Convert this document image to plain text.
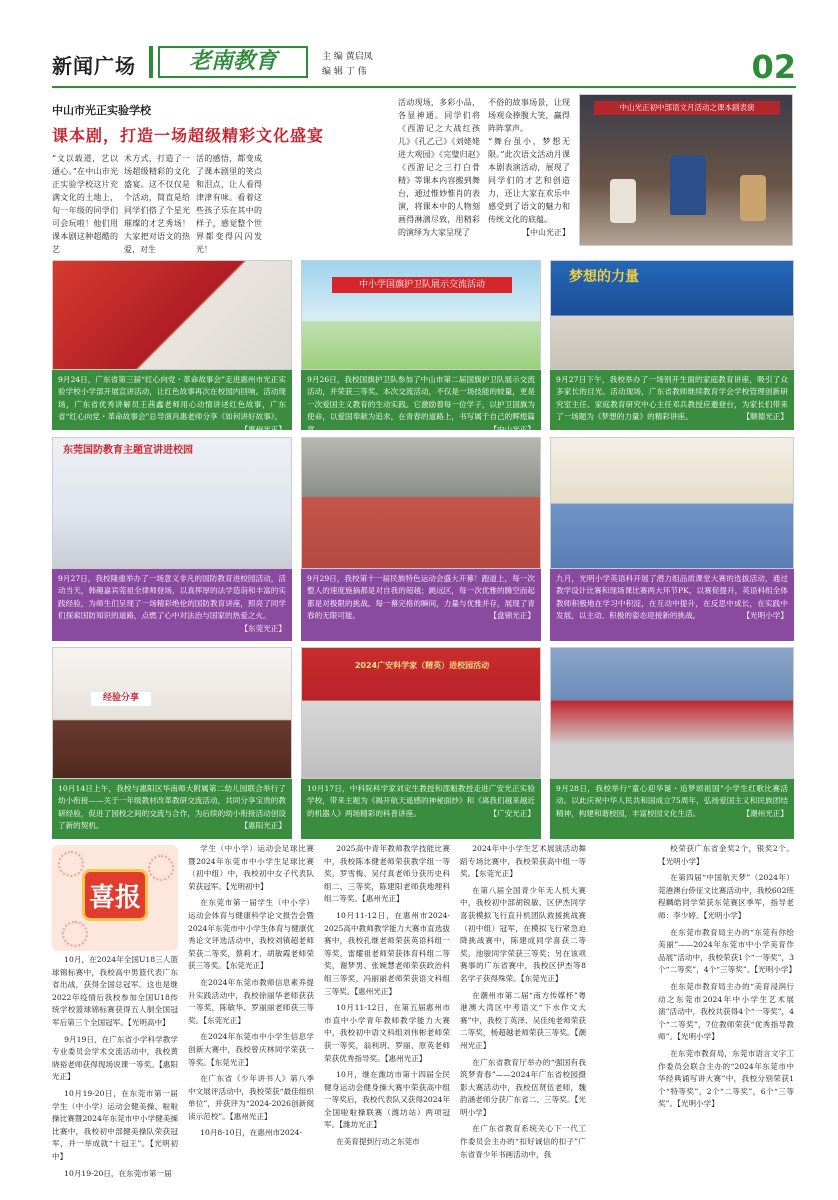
新闻广场	老南教育	主 编 黄启凤
编 辑 丁 伟	02
中山市光正实验学校
课本剧，打造一场超级精彩文化盛宴
“文以载道，艺以通心。”在中山市光正实验学校这片充满文化的土地上，旬一年级的同学们可会玩啦！他们用课本剧这种超酷的艺
术方式，打造了一场超级精彩的文化盛宴。这不仅仅是个活动，简直是给同学们搭了个星光璀璨的才艺秀场！大家把对语文的热爱，对生
活的感悟，都变成了课本剧里的笑点和泪点，让人看得津津有味。看着这些孩子乐在其中的样子，感觉整个世界都变得闪闪发光！
活动现场，多彩小品，各显神通。同学们将《西游记之大战红孩儿》《孔乙己》《刘姥姥进大观园》《完璧归赵》《西游记之三打白骨精》等课本内容搬到舞台，通过惟妙惟肖的表演，将课本中的人物刻画得淋漓尽致，用精彩的演绎为大家呈现了
不俗的故事场景，让现场观众捧腹大笑，赢得阵阵掌声。
“舞台虽小，梦想无限。”此次语文活动月课本剧表演活动，展现了同学们的才艺和创造力，还让大家在欢乐中感受到了语文的魅力和传统文化的底蕴。
【中山光正】
中山光正初中部语文月活动之课本剧表演
9月24日，广东省第三届“红心向党・革命故事会”走进惠州市光正实验学校小学部开展宣讲活动，让红色故事再次在校园内回响。活动现场，广东省优秀讲解员王茜鑫老师用心动情讲述红色故事，广东省“红心向党・革命故事会”总导演肖惠老师分享《如何讲好故事》。
【惠州光正】
中小学国旗护卫队展示交流活动
9月26日，我校国旗护卫队参加了中山市第二届国旗护卫队展示交流活动，并荣获三等奖。本次交流活动，不仅是一场技能的较量，更是一次爱国主义教育的生动实践。它激励着每一位学子，以护卫国旗为使命，以爱国奉献为追求，在青春的道路上，书写属于自己的辉煌篇章。	【中山光正】
梦想的力量
9月27日下午，我校举办了一场别开生面的家庭教育讲座，吸引了众多家长的目光。活动现场，广东省教师继续教育学会学校管理创新研究室主任、家庭教育研究中心主任邓兵教授应邀登台，为家长们带来了一场题为《梦想的力量》的精彩讲座。	【顺德光正】
东莞国防教育主题宣讲进校园
9月27日，我校隆重举办了一场意义非凡的国防教育进校园活动，活动当天，韩趣嘉宾莞祖全律师登场，以真挥厚的法学造诣和丰富的实践经验，为师生们呈现了一场精彩绝伦的国防教育讲座，照亮了同学们探索国防知识的道路，点燃了心中对法治与国家的热爱之火。
【东莞光正】
9月29日，我校第十一届民族特色运动会盛大开幕！跑道上，每一次整人的速度施摘都是对自我的超越；跳远区，每一次优雅的腾空而起都是对极限的挑战。每一幕完格的瞬间，力量与优雅并存，展现了青春的无限可能。	【盘锦光正】
九月，光明小学英语科开展了潜力组品质课堂大赛的选拔活动，通过教学设计比赛和现场课比赛两大环节PK，以赛促提升，英语科组全体教师积极地在学习中积淀，在互动中提升，在反思中成长，在实践中发展，以主动、积极的姿态迎接新的挑战。	【光明小学】
经验分享
10月14日上午，我校与惠阳区华南师大附属第二幼儿园联合举行了幼小衔接——关于一年级教材改革教研交流活动，共同分享宝贵的教研经验，促进了园校之间的交流与合作，为后续的幼小衔接活动创设了新的契机。	【惠阳光正】
2024广安科学家（精英）进校园活动
10月17日，中科院科学家刘定生教授和邵魁教授走进广安光正实验学校，带来主题为《揭开航天遥感的神秘面纱》和《离我们越来越近的机器人》两场精彩的科普讲座。	【广安光正】
9月28日，我校举行“童心迎华诞・追梦颂祖国”小学生红歌比赛活动。以此庆祝中华人民共和国成立75周年，弘扬爱国主义和民族团结精神，构建和谐校园，丰富校园文化生活。	【潮州光正】
喜报

10月，在2024年全国U18三人篮球锦标赛中，我校高中男篮代表广东省出战，获得全国总冠军。这也是继2022年疫情后我校参加全国U18传统学校篮球锦标赛获得五人制全国冠军后第三个全国冠军。【光明高中】

9月19日，在广东省小学科学教学专业委员会学术交流活动中，我校黄晓裕老师获得现场说课一等奖。【惠阳光正】

10月19-20日，在东莞市第一届学生（中小学）运动会健美操、啦啦操比赛暨2024年东莞市中小学健美操比赛中，我校初中部健美操队荣获冠军，并一举成就“十冠王”。【光明初中】

10月19-20日，在东莞市第一届

学生（中小学）运动会足球比赛暨2024年东莞市中小学生足球比赛（初中组）中，我校初中女子代表队荣获冠军。【光明初中】

在东莞市第一届学生（中小学）运动会体育与健康科学论文报告会暨2024年东莞市中小学生体育与健康优秀论文评选活动中，我校刘镇超老师荣获二等奖，蔡莉才、胡敏霞老师荣获三等奖。【东莞光正】

在2024年东莞市教师信息素养提升实践活动中，我校徐丽华老师获获一等奖，陈敏华、罗丽丽老师获三等奖。【东莞光正】

在2024年东莞市中小学生信息学创新大赛中，我校曾庆林同学荣获一等奖。【东莞光正】

在广东省《少年讲书人》第八季中文展评活动中，我校荣获“最佳组织单位”，并获评为“2024-2026创新阅读示范校”。【惠州光正】

10月8-10日，在惠州市2024-

2025高中青年教师教学技能比赛中，我校陈本健老师荣获教学组一等奖，罗雪梅、吴付真老师分获历史科组二、三等奖，陈建阳老师获地理科组二等奖。【惠州光正】

10月11-12日，在惠州市2024-2025高中教师教学能力大赛市直选拔赛中，我校孔继老师荣获英语科组一等奖，雷耀祖老师荣获体育科组二等奖，谢梦男、张婉慧老师荣获政治科组三等奖，冯丽丽老师荣获语文科组三等奖。【惠州光正】

10月11-12日，在第五届惠州市市直中小学青年教师教学能力大赛中，我校初中语文科组刘伟彬老师荣获一等奖，翁利玥、罗丽、原英老师荣获优秀指导奖。【惠州光正】

10月，继在潍坊市第十四届全民健身运动会健身操大赛中荣获高中组一等奖后，我校代表队又获得2024年全国啦啦操联赛（潍坊站）两项冠军。【潍坊光正】

在美育提到行动之东莞市

2024年中小学生艺术展演活动舞蹈专场比赛中，我校荣获高中组一等奖。【东莞光正】

在第八届全国青少年无人机大赛中，我校初中部胡锐敏、区伊杰同学喜获模拟飞行直升机团队救援挑战赛（初中组）冠军，在模拟飞行紧急迫降挑战赛中，陈建成同学喜获二等奖，池骏同学荣获三等奖；另在该项赛事的广东省赛中，我校区伊杰等8名学子获得殊荣。【东莞光正】

在潮州市第二届“南方传媒杯”粤港澳大湾区中考语文“下水作文大赛”中，我校丁英泽、吴佳纯老师荣获二等奖，杨超越老师荣获三等奖。【潮州光正】

在广东省教育厅举办的“强国有我 筑梦青春”——2024年广东省校园摄影大赛活动中，我校伍贤伍老师，魏韵涵老师分获广东省二、三等奖。【光明小学】

在广东省教育系统关心下一代工作委员会主办的“扣好诚信的扣子”广东省青少年书画活动中，我

校荣获广东省金奖2个，银奖2个。【光明小学】

在第四届“中国航天梦”（2024年）莞港澳台侨征文比赛活动中，我校602班程麟皓同学荣获东莞赛区季军，指导老师：李少婷。【光明小学】

在东莞市教育局主办的“东莞有你绘美丽”——2024年东莞市中小学美育作品展”活动中，我校荣获1个“一等奖”，3个“二等奖”，4个“三等奖”。【光明小学】

在东莞市教育局主办的“美育浸润行动之东莞市2024年中小学生艺术展演”活动中，我校共获得4个“一等奖”，4个“二等奖”，7位教师荣获“优秀指导教师”。【光明小学】

在东莞市教育局，东莞市语言文字工作委员会联合主办的“2024年东莞市中华经典诵写讲大赛”中，我校分别荣获1个“特等奖”，2个“二等奖”，6个“三等奖”。【光明小学】
